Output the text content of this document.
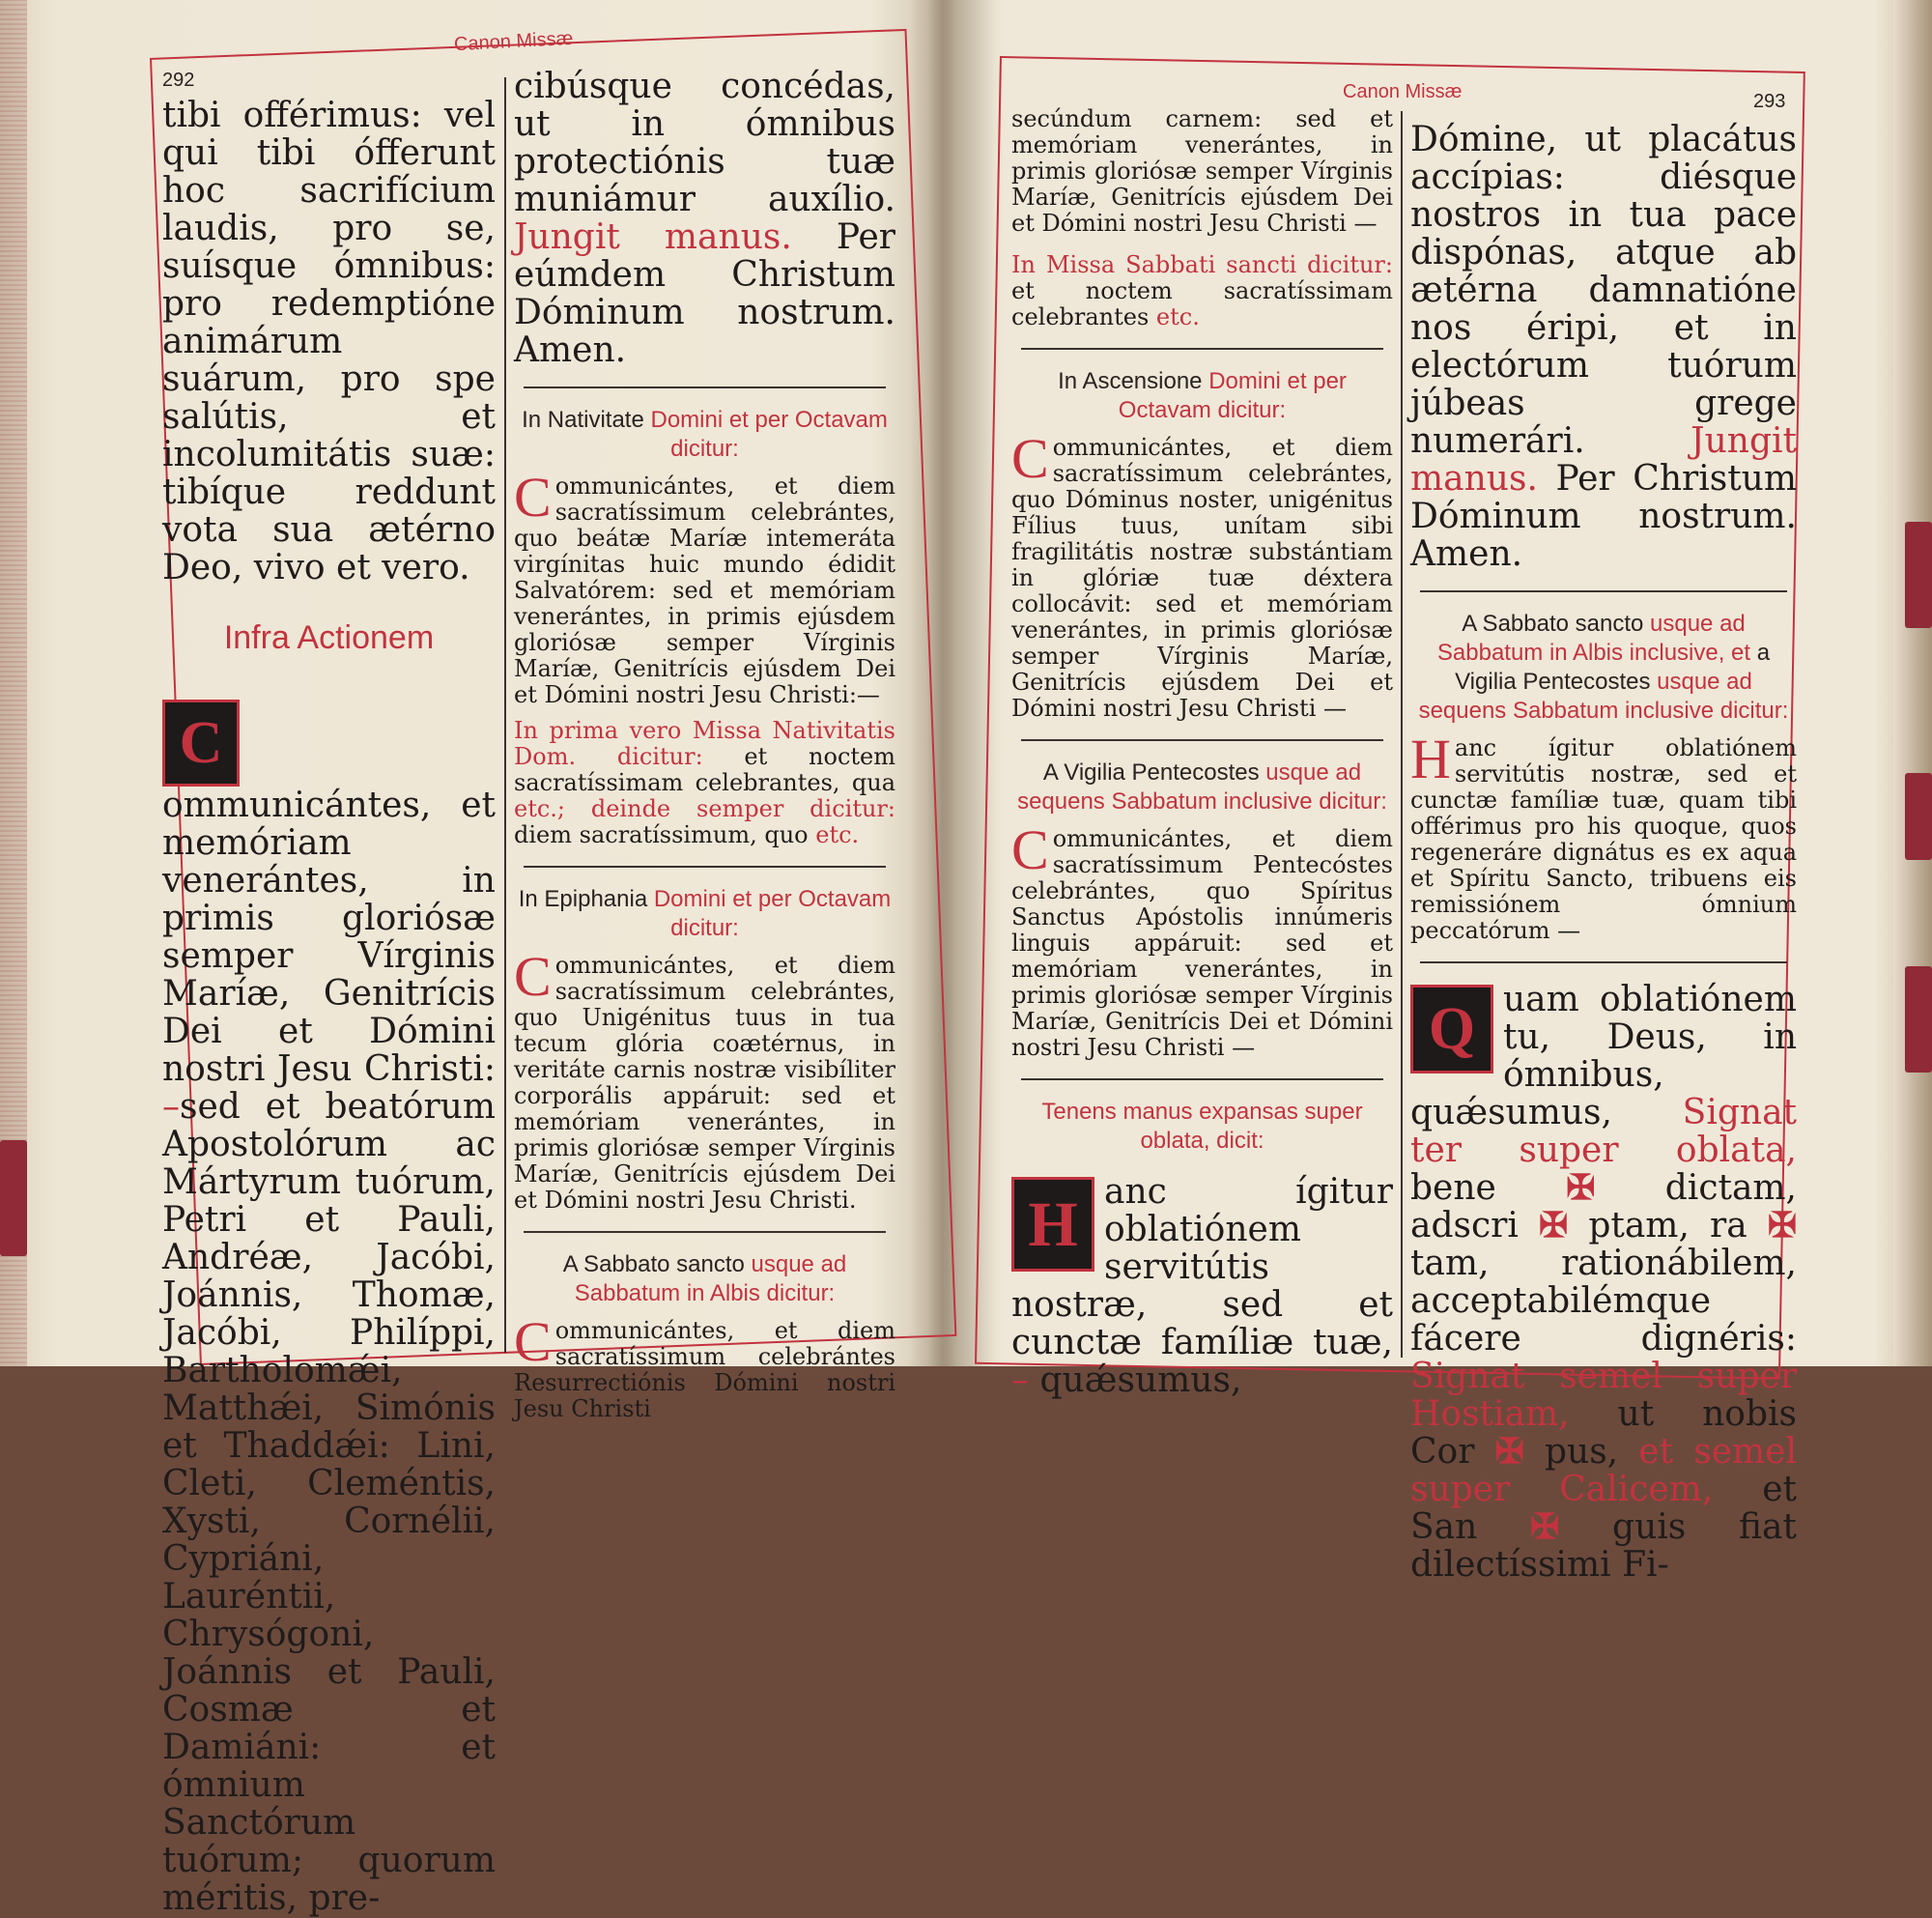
Canon Missæ
292

tibi offérimus: vel qui tibi ófferunt hoc sacrifícium laudis, pro se, suísque ómnibus: pro redemptióne animárum suárum, pro spe salútis, et incolumitátis suæ: tibíque reddunt vota sua ætérno Deo, vivo et vero.

Infra Actionem

C
ommunicántes, et memóriam venerántes, in primis gloriósæ semper Vírginis Maríæ, Genitrícis Dei et Dómini nostri Jesu Christi: –sed et beatórum Apostolórum ac Mártyrum tuórum, Petri et Pauli, Andréæ, Jacóbi, Joánnis, Thomæ, Jacóbi, Philíppi, Bartholomǽi, Matthǽi, Simónis et Thaddǽi: Lini, Cleti, Cleméntis, Xysti, Cornélii, Cypriáni, Lauréntii, Chrysógoni, Joánnis et Pauli, Cosmæ et Damiáni: et ómnium Sanctórum tuórum; quorum méritis, pre-

cibúsque concédas, ut in ómnibus protectiónis tuæ muniámur auxílio. Jungit manus. Per eúmdem Christum Dóminum nostrum. Amen.

In Nativitate Domini et per Octavam dicitur:

Communicántes, et diem sacratíssimum celebrántes, quo beátæ Maríæ intemeráta virgínitas huic mundo édidit Salvatórem: sed et memóriam venerántes, in primis ejúsdem gloriósæ semper Vírginis Maríæ, Genitrícis ejúsdem Dei et Dómini nostri Jesu Christi:—

In prima vero Missa Nativitatis Dom. dicitur: et noctem sacratíssimam celebrantes, qua etc.; deinde semper dicitur: diem sacratíssimum, quo etc.

In Epiphania Domini et per Octavam dicitur:

Communicántes, et diem sacratíssimum celebrántes, quo Unigénitus tuus in tua tecum glória coætérnus, in veritáte carnis nostræ visibíliter corporális appáruit: sed et memóriam venerántes, in primis gloriósæ semper Vírginis Maríæ, Genitrícis ejúsdem Dei et Dómini nostri Jesu Christi.

A Sabbato sancto usque ad Sabbatum in Albis dicitur:

Communicántes, et diem sacratíssimum celebrántes Resurrectiónis Dómini nostri Jesu Christi

Canon Missæ	293

secúndum carnem: sed et memóriam venerántes, in primis gloriósæ semper Vírginis Maríæ, Genitrícis ejúsdem Dei et Dómini nostri Jesu Christi —

In Missa Sabbati sancti dicitur: et noctem sacratíssimam celebrantes etc.

In Ascensione Domini et per Octavam dicitur:

Communicántes, et diem sacratíssimum celebrántes, quo Dóminus noster, unigénitus Fílius tuus, unítam sibi fragilitátis nostræ substántiam in glóriæ tuæ déxtera collocávit: sed et memóriam venerántes, in primis gloriósæ semper Vírginis Maríæ, Genitrícis ejúsdem Dei et Dómini nostri Jesu Christi —

A Vigilia Pentecostes usque ad sequens Sabbatum inclusive dicitur:

Communicántes, et diem sacratíssimum Pentecóstes celebrántes, quo Spíritus Sanctus Apóstolis innúmeris linguis appáruit: sed et memóriam venerántes, in primis gloriósæ semper Vírginis Maríæ, Genitrícis Dei et Dómini nostri Jesu Christi —

Tenens manus expansas super oblata, dicit:

H anc ígitur oblatiónem servitútis nostræ, sed et cunctæ famíliæ tuæ, – quǽsumus,

Dómine, ut placátus accípias: diésque nostros in tua pace dispónas, atque ab ætérna damnatióne nos éripi, et in electórum tuórum júbeas grege numerári. Jungit manus. Per Christum Dóminum nostrum. Amen.

A Sabbato sancto usque ad Sabbatum in Albis inclusive, et a Vigilia Pentecostes usque ad sequens Sabbatum inclusive dicitur:

Hanc ígitur oblatiónem servitútis nostræ, sed et cunctæ famíliæ tuæ, quam tibi offérimus pro his quoque, quos regeneráre dignátus es ex aqua et Spíritu Sancto, tribuens eis remissiónem ómnium peccatórum —

Q uam oblatiónem tu, Deus, in ómnibus, quǽsumus, Signat ter super oblata, bene ✠ dictam, adscri ✠ ptam, ra ✠ tam, rationábilem, acceptabilémque fácere dignéris: Signat semel super Hostiam, ut nobis Cor ✠ pus, et semel super Calicem, et San ✠ guis fiat dilectíssimi Fi-
